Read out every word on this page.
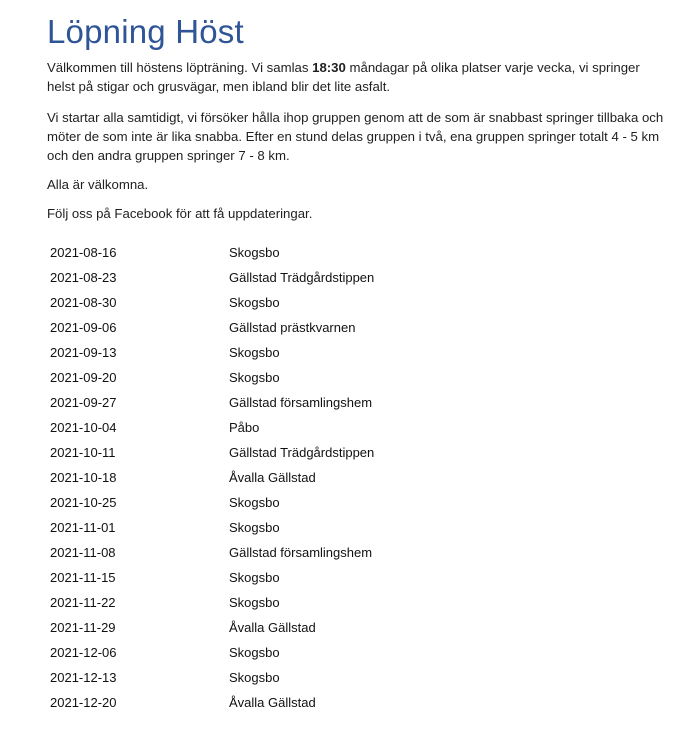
Löpning Höst

Välkommen till höstens löpträning. Vi samlas 18:30 måndagar på olika platser varje vecka, vi springer helst på stigar och grusvägar, men ibland blir det lite asfalt.

Vi startar alla samtidigt, vi försöker hålla ihop gruppen genom att de som är snabbast springer tillbaka och möter de som inte är lika snabba. Efter en stund delas gruppen i två, ena gruppen springer totalt 4 - 5 km och den andra gruppen springer 7 - 8 km.

Alla är välkomna.

Följ oss på Facebook för att få uppdateringar.

2021-08-16	Skogsbo
2021-08-23	Gällstad Trädgårdstippen
2021-08-30	Skogsbo
2021-09-06	Gällstad prästkvarnen
2021-09-13	Skogsbo
2021-09-20	Skogsbo
2021-09-27	Gällstad församlingshem
2021-10-04	Påbo
2021-10-11	Gällstad Trädgårdstippen
2021-10-18	Åvalla Gällstad
2021-10-25	Skogsbo
2021-11-01	Skogsbo
2021-11-08	Gällstad församlingshem
2021-11-15	Skogsbo
2021-11-22	Skogsbo
2021-11-29	Åvalla Gällstad
2021-12-06	Skogsbo
2021-12-13	Skogsbo
2021-12-20	Åvalla Gällstad
